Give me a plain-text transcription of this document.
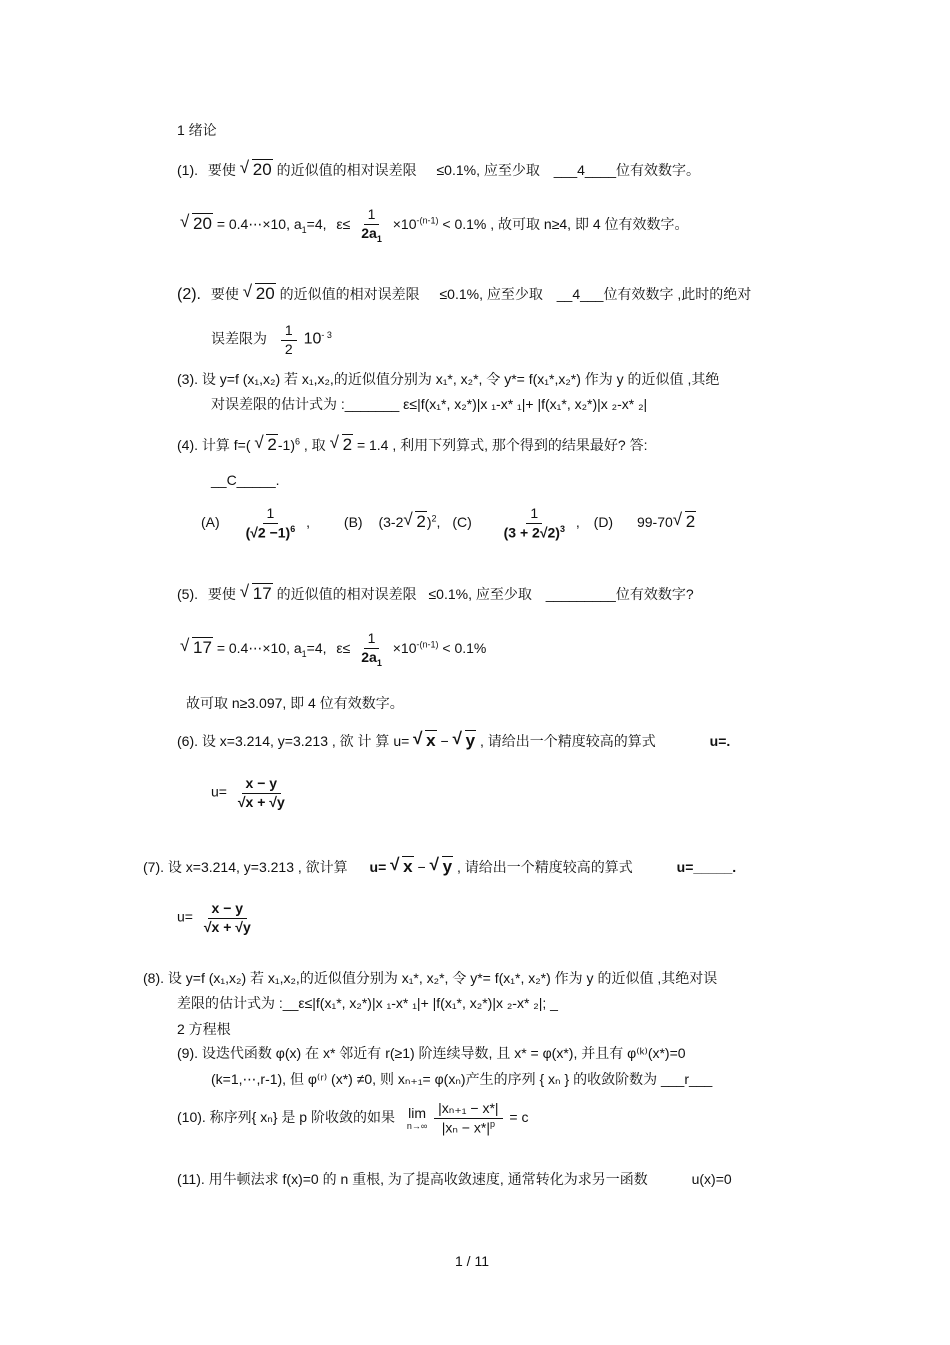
1 绪论
(1). 要使 √ 20 的近似值的相对误差限 ≤0.1%, 应至少取 ___4____位有效数字。
√ 20 = 0.4⋯×10, $a_1=4$, $\varepsilon\le \frac{1}{2a_1} \times 10^{-(n-1)} < 0.1\%$ , 故可取 n≥4, 即 4 位有效数字。
(2). 要使 √ 20 的近似值的相对误差限 ≤0.1%, 应至少取 __4___位有效数字 ,此时的绝对
误差限为 $\frac{1}{2} 10^{- 3}$
(3). 设 y=f (x₁,x₂) 若 x₁,x₂,的近似值分别为 x₁*, x₂*, 令 y*= f(x₁*,x₂*) 作为 y 的近似值 ,其绝
对误差限的估计式为 :_______ ε≤|f(x₁*, x₂*)|x ₁-x* ₁|+ |f(x₁*, x₂*)|x ₂-x* ₂|
(4). 计算 f=( √ 2-1)$^6$ , 取 √ 2 = 1.4 , 利用下列算式, 那个得到的结果最好? 答:
__C_____.
$(A) \frac{1}{(√2 -1)^6}$ , (B) (3-2 √ 2)$^2$, $(C) \frac{1}{(3 + 2√2)^3}$ , (D) 99-70 √ 2
(5). 要使 √ 17 的近似值的相对误差限 ≤0.1%, 应至少取 _________位有效数字?
√ 17 = 0.4⋯×10, $a_1=4$, $\varepsilon\le \frac{1}{2a_1} \times 10^{-(n-1)} < 0.1\%$
故可取 n≥3.097, 即 4 位有效数字。
(6). 设 x=3.214, y=3.213 , 欲 计 算 u= √ x − √ y , 请给出一个精度较高的算式	u=.
$u= \frac{x - y}{√x + √y}$
(7). 设 x=3.214, y=3.213 , 欲计算 u= √ x − √ y , 请给出一个精度较高的算式	u=_____.
$u= \frac{x - y}{√x + √y}$
(8). 设 y=f (x₁,x₂) 若 x₁,x₂,的近似值分别为 x₁*, x₂*, 令 y*= f(x₁*, x₂*) 作为 y 的近似值 ,其绝对误
差限的估计式为 :__ε≤|f(x₁*, x₂*)|x ₁-x* ₁|+ |f(x₁*, x₂*)|x ₂-x* ₂|; _
2 方程根
(9). 设迭代函数 φ(x) 在 x* 邻近有 r(≥1) 阶连续导数, 且 x* = φ(x*), 并且有 φ⁽ᵏ⁾(x*)=0
(k=1,⋯,r-1), 但 φ⁽ʳ⁾ (x*) ≠0, 则 xₙ₊₁= φ(xₙ)产生的序列 { xₙ } 的收敛阶数为 ___r___
(10). 称序列{ xₙ} 是 p 阶收敛的如果 lim
n→∞
$\frac{\text{|xₙ₊₁ − x*|}}{|x_n - x*|^p} = c$
(11). 用牛顿法求 f(x)=0 的 n 重根, 为了提高收敛速度, 通常转化为求另一函数	u(x)=0
1 / 11
